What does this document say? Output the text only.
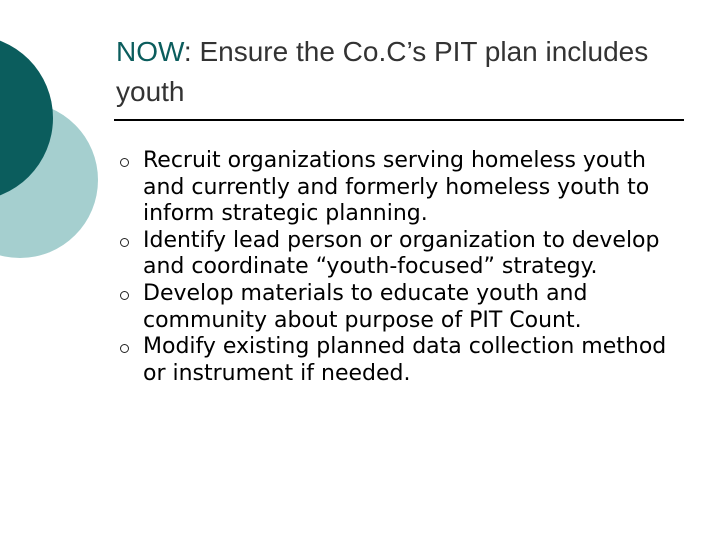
NOW: Ensure the Co.C’s PIT plan includes youth
Recruit organizations serving homeless youth and currently and formerly homeless youth to inform strategic planning.
Identify lead person or organization to develop and coordinate “youth-focused” strategy.
Develop materials to educate youth and community about purpose of PIT Count.
Modify existing planned data collection method or instrument if needed.
